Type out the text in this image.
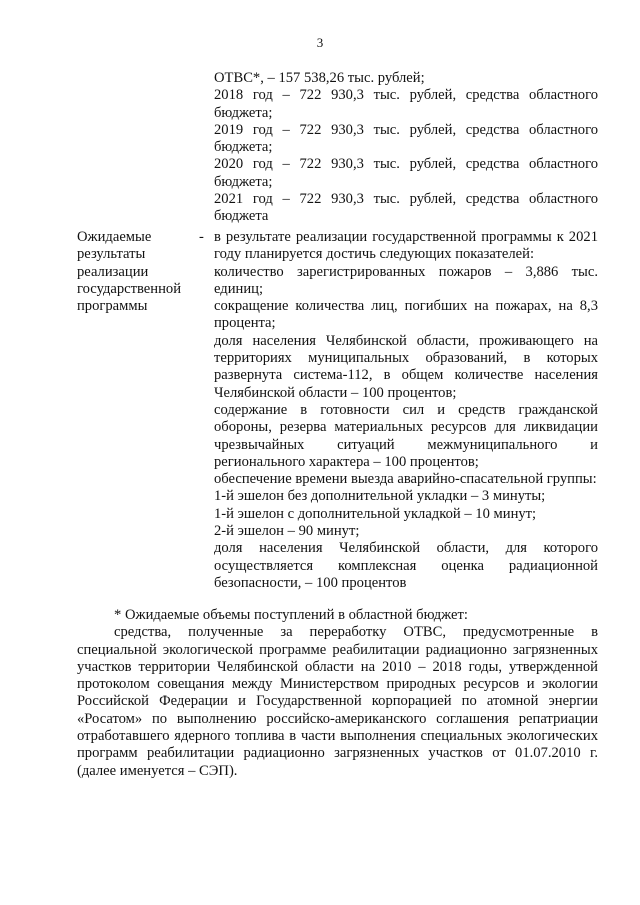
3

ОТВС*, – 157 538,26 тыс. рублей;

2018 год – 722 930,3 тыс. рублей, средства областного бюджета;

2019 год – 722 930,3 тыс. рублей, средства областного бюджета;

2020 год – 722 930,3 тыс. рублей, средства областного бюджета;

2021 год – 722 930,3 тыс. рублей, средства областного бюджета

Ожидаемые
результаты
реализации
государственной
программы
- в результате реализации государственной программы к 2021 году планируется достичь следующих показателей:

количество зарегистрированных пожаров – 3,886 тыс. единиц;

сокращение количества лиц, погибших на пожарах, на 8,3 процента;

доля населения Челябинской области, проживающего на территориях муниципальных образований, в которых развернута система-112, в общем количестве населения Челябинской области – 100 процентов;

содержание в готовности сил и средств гражданской обороны, резерва материальных ресурсов для ликвидации чрезвычайных ситуаций межмуниципального и регионального характера – 100 процентов;

обеспечение времени выезда аварийно-спасательной группы:

1-й эшелон без дополнительной укладки – 3 минуты;

1-й эшелон с дополнительной укладкой – 10 минут;

2-й эшелон – 90 минут;

доля населения Челябинской области, для которого осуществляется комплексная оценка радиационной безопасности, – 100 процентов

* Ожидаемые объемы поступлений в областной бюджет:

средства, полученные за переработку ОТВС, предусмотренные в специальной экологической программе реабилитации радиационно загрязненных участков территории Челябинской области на 2010 – 2018 годы, утвержденной протоколом совещания между Министерством природных ресурсов и экологии Российской Федерации и Государственной корпорацией по атомной энергии «Росатом» по выполнению российско-американского соглашения репатриации отработавшего ядерного топлива в части выполнения специальных экологических программ реабилитации радиационно загрязненных участков от 01.07.2010 г. (далее именуется – СЭП).
